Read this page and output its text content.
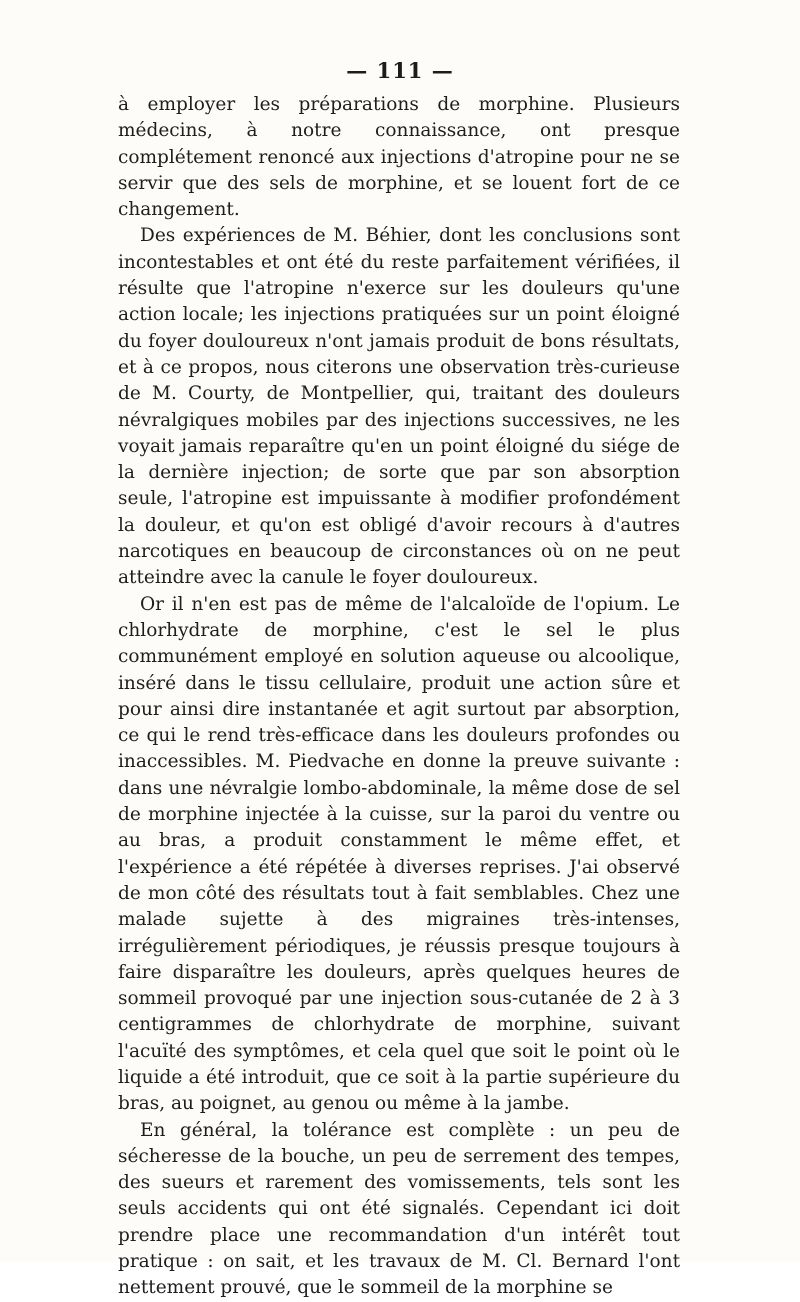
— 111 —

à employer les préparations de morphine. Plusieurs médecins, à notre connaissance, ont presque complétement renoncé aux injections d'atropine pour ne se servir que des sels de morphine, et se louent fort de ce changement.

Des expériences de M. Béhier, dont les conclusions sont incontestables et ont été du reste parfaitement vérifiées, il résulte que l'atropine n'exerce sur les douleurs qu'une action locale; les injections pratiquées sur un point éloigné du foyer douloureux n'ont jamais produit de bons résultats, et à ce propos, nous citerons une observation très-curieuse de M. Courty, de Montpellier, qui, traitant des douleurs névralgiques mobiles par des injections successives, ne les voyait jamais reparaître qu'en un point éloigné du siége de la dernière injection; de sorte que par son absorption seule, l'atropine est impuissante à modifier profondément la douleur, et qu'on est obligé d'avoir recours à d'autres narcotiques en beaucoup de circonstances où on ne peut atteindre avec la canule le foyer douloureux.

Or il n'en est pas de même de l'alcaloïde de l'opium. Le chlorhydrate de morphine, c'est le sel le plus communément employé en solution aqueuse ou alcoolique, inséré dans le tissu cellulaire, produit une action sûre et pour ainsi dire instantanée et agit surtout par absorption, ce qui le rend très-efficace dans les douleurs profondes ou inaccessibles. M. Piedvache en donne la preuve suivante : dans une névralgie lombo-abdominale, la même dose de sel de morphine injectée à la cuisse, sur la paroi du ventre ou au bras, a produit constamment le même effet, et l'expérience a été répétée à diverses reprises. J'ai observé de mon côté des résultats tout à fait semblables. Chez une malade sujette à des migraines très-intenses, irrégulièrement périodiques, je réussis presque toujours à faire disparaître les douleurs, après quelques heures de sommeil provoqué par une injection sous-cutanée de 2 à 3 centigrammes de chlorhydrate de morphine, suivant l'acuïté des symptômes, et cela quel que soit le point où le liquide a été introduit, que ce soit à la partie supérieure du bras, au poignet, au genou ou même à la jambe.

En général, la tolérance est complète : un peu de sécheresse de la bouche, un peu de serrement des tempes, des sueurs et rarement des vomissements, tels sont les seuls accidents qui ont été signalés. Cependant ici doit prendre place une recommandation d'un intérêt tout pratique : on sait, et les travaux de M. Cl. Bernard l'ont nettement prouvé, que le sommeil de la morphine se
